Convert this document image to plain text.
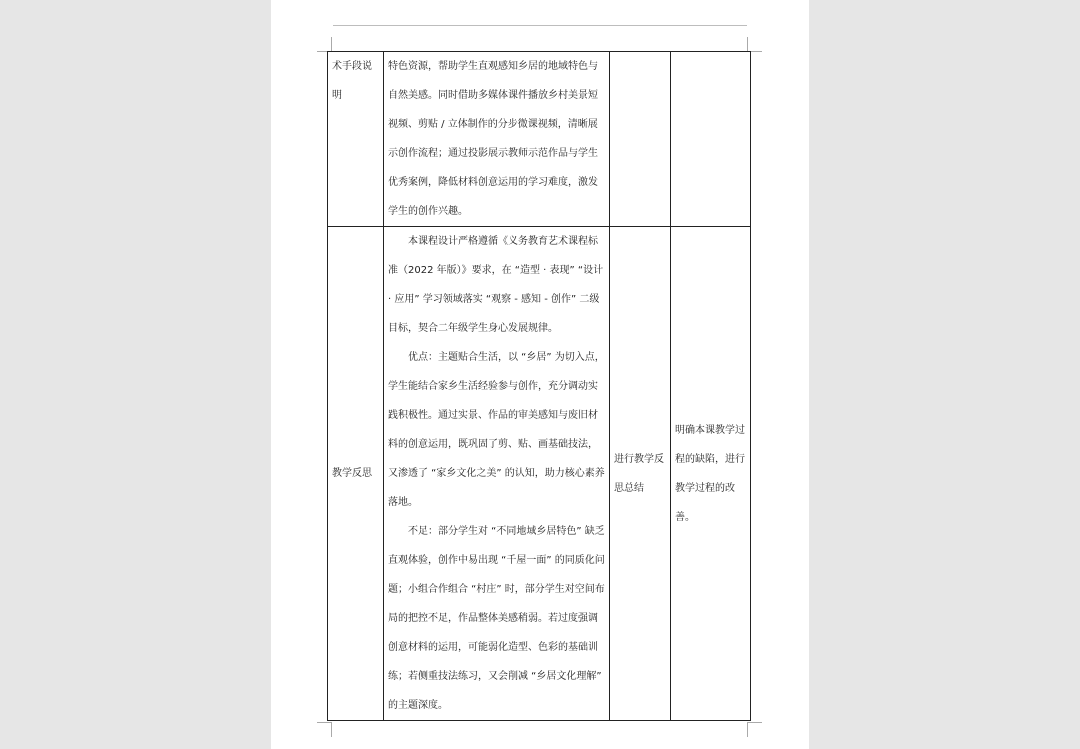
术手段说明	特色资源，帮助学生直观感知乡居的地域特色与自然美感。同时借助多媒体课件播放乡村美景短视频、剪贴 / 立体制作的分步微课视频，清晰展示创作流程；通过投影展示教师示范作品与学生优秀案例，降低材料创意运用的学习难度，激发学生的创作兴趣。		
教学反思	本课程设计严格遵循《义务教育艺术课程标准（2022 年版）》要求，在 “造型 · 表现” “设计 · 应用” 学习领域落实 “观察 - 感知 - 创作” 二级目标，契合二年级学生身心发展规律。
优点：主题贴合生活，以 “乡居” 为切入点，学生能结合家乡生活经验参与创作，充分调动实践积极性。通过实景、作品的审美感知与废旧材料的创意运用，既巩固了剪、贴、画基础技法，又渗透了 “家乡文化之美” 的认知，助力核心素养落地。
不足：部分学生对 “不同地域乡居特色” 缺乏直观体验，创作中易出现 “千屋一面” 的同质化问题；小组合作组合 “村庄” 时，部分学生对空间布局的把控不足，作品整体美感稍弱。若过度强调创意材料的运用，可能弱化造型、色彩的基础训练；若侧重技法练习，又会削减 “乡居文化理解” 的主题深度。	进行教学反思总结	明确本课教学过程的缺陷，进行教学过程的改善。
